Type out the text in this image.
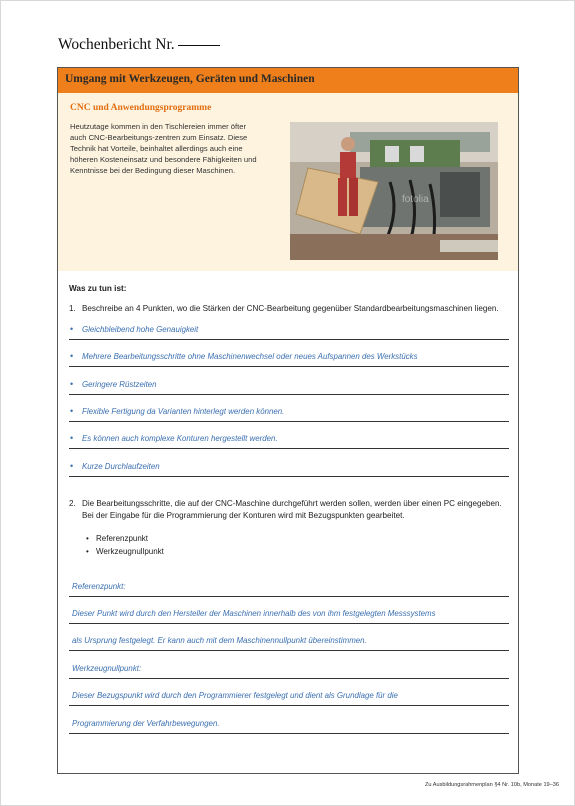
Wochenbericht Nr.
Umgang mit Werkzeugen, Geräten und Maschinen
CNC und Anwendungsprogramme
Heutzutage kommen in den Tischlereien immer öfter
auch CNC-Bearbeitungs-zentren zum Einsatz. Diese
Technik hat Vorteile, beinhaltet allerdings auch eine
höheren Kosteneinsatz und besondere Fähigkeiten und
Kenntnisse bei der Bedingung dieser Maschinen.
fotolia
Was zu tun ist:
1. Beschreibe an 4 Punkten, wo die Stärken der CNC-Bearbeitung gegenüber Standardbearbeitungsmaschinen liegen.
• Gleichbleibend hohe Genauigkeit
• Mehrere Bearbeitungsschritte ohne Maschinenwechsel oder neues Aufspannen des Werkstücks
• Geringere Rüstzeiten
• Flexible Fertigung da Varianten hinterlegt werden können.
• Es können auch komplexe Konturen hergestellt werden.
• Kurze Durchlaufzeiten
2. Die Bearbeitungsschritte, die auf der CNC-Maschine durchgeführt werden sollen, werden über einen PC eingegeben.
Bei der Eingabe für die Programmierung der Konturen wird mit Bezugspunkten gearbeitet.
• Referenzpunkt
• Werkzeugnullpunkt
Referenzpunkt:
Dieser Punkt wird durch den Hersteller der Maschinen innerhalb des von ihm festgelegten Messsystems
als Ursprung festgelegt. Er kann auch mit dem Maschinennullpunkt übereinstimmen.
Werkzeugnullpunkt:
Dieser Bezugspunkt wird durch den Programmierer festgelegt und dient als Grundlage für die
Programmierung der Verfahrbewegungen.
Zu Ausbildungsrahmenplan §4 Nr. 10b, Monate 19–36
